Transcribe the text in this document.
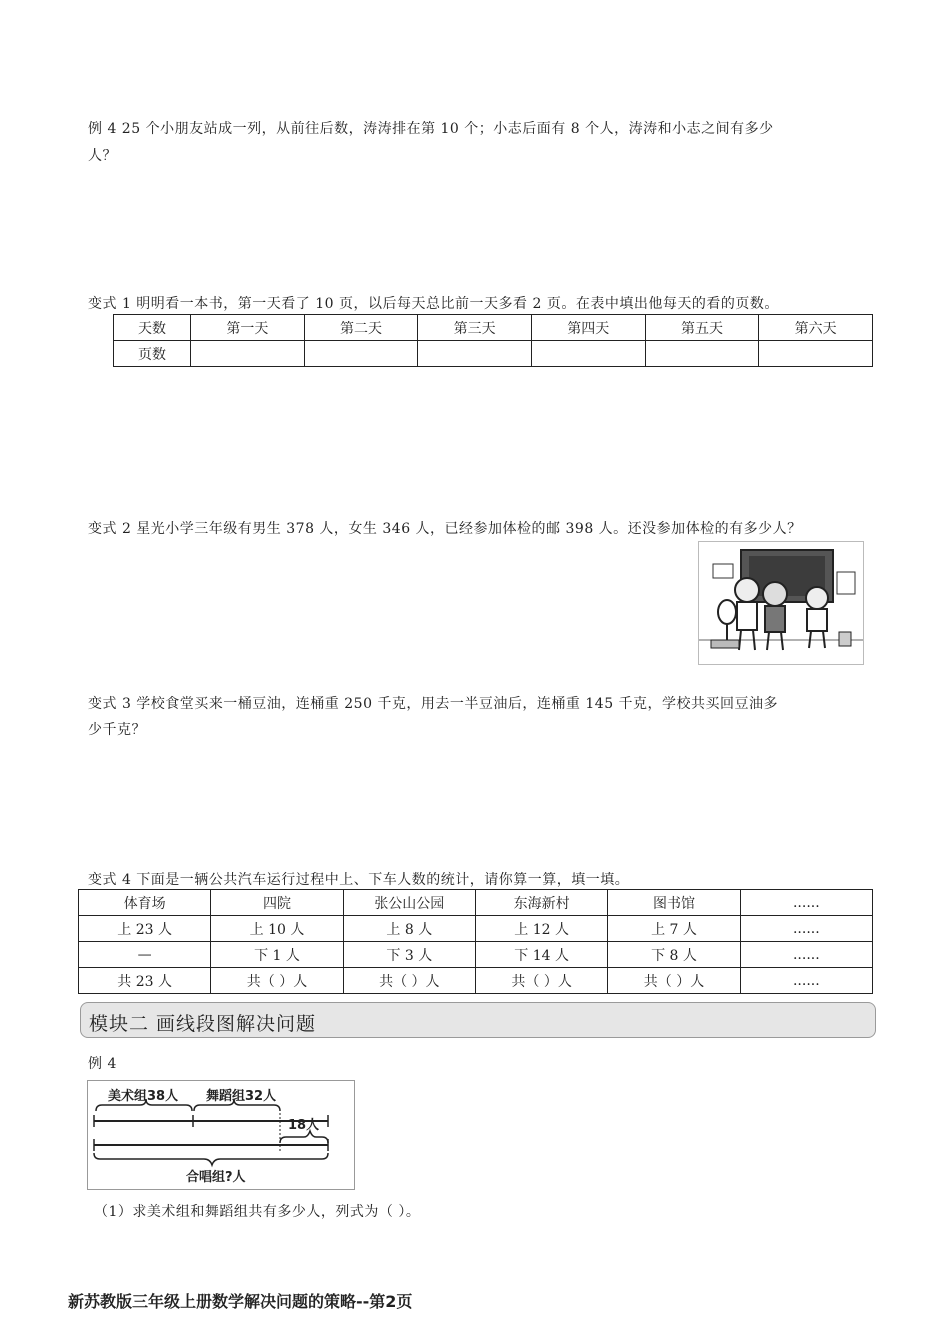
例 4 25 个小朋友站成一列，从前往后数，涛涛排在第 10 个；小志后面有 8 个人，涛涛和小志之间有多少
人？
变式 1 明明看一本书，第一天看了 10 页，以后每天总比前一天多看 2 页。在表中填出他每天的看的页数。
天数	第一天	第二天	第三天	第四天	第五天	第六天
页数						
变式 2 星光小学三年级有男生 378 人，女生 346 人，已经参加体检的邮 398 人。还没参加体检的有多少人？
变式 3 学校食堂买来一桶豆油，连桶重 250 千克，用去一半豆油后，连桶重 145 千克，学校共买回豆油多
少千克？
变式 4 下面是一辆公共汽车运行过程中上、下车人数的统计，请你算一算，填一填。
体育场	四院	张公山公园	东海新村	图书馆	......
上 23 人	上 10 人	上 8 人	上 12 人	上 7 人	......
—	下 1 人	下 3 人	下 14 人	下 8 人	......
共 23 人	共（ ）人	共（ ）人	共（ ）人	共（ ）人	......
模块二 画线段图解决问题
例 4
美术组38人 舞蹈组32人
18人
合唱组?人
（1）求美术组和舞蹈组共有多少人，列式为（ ）。
新苏教版三年级上册数学解决问题的策略--第2页
